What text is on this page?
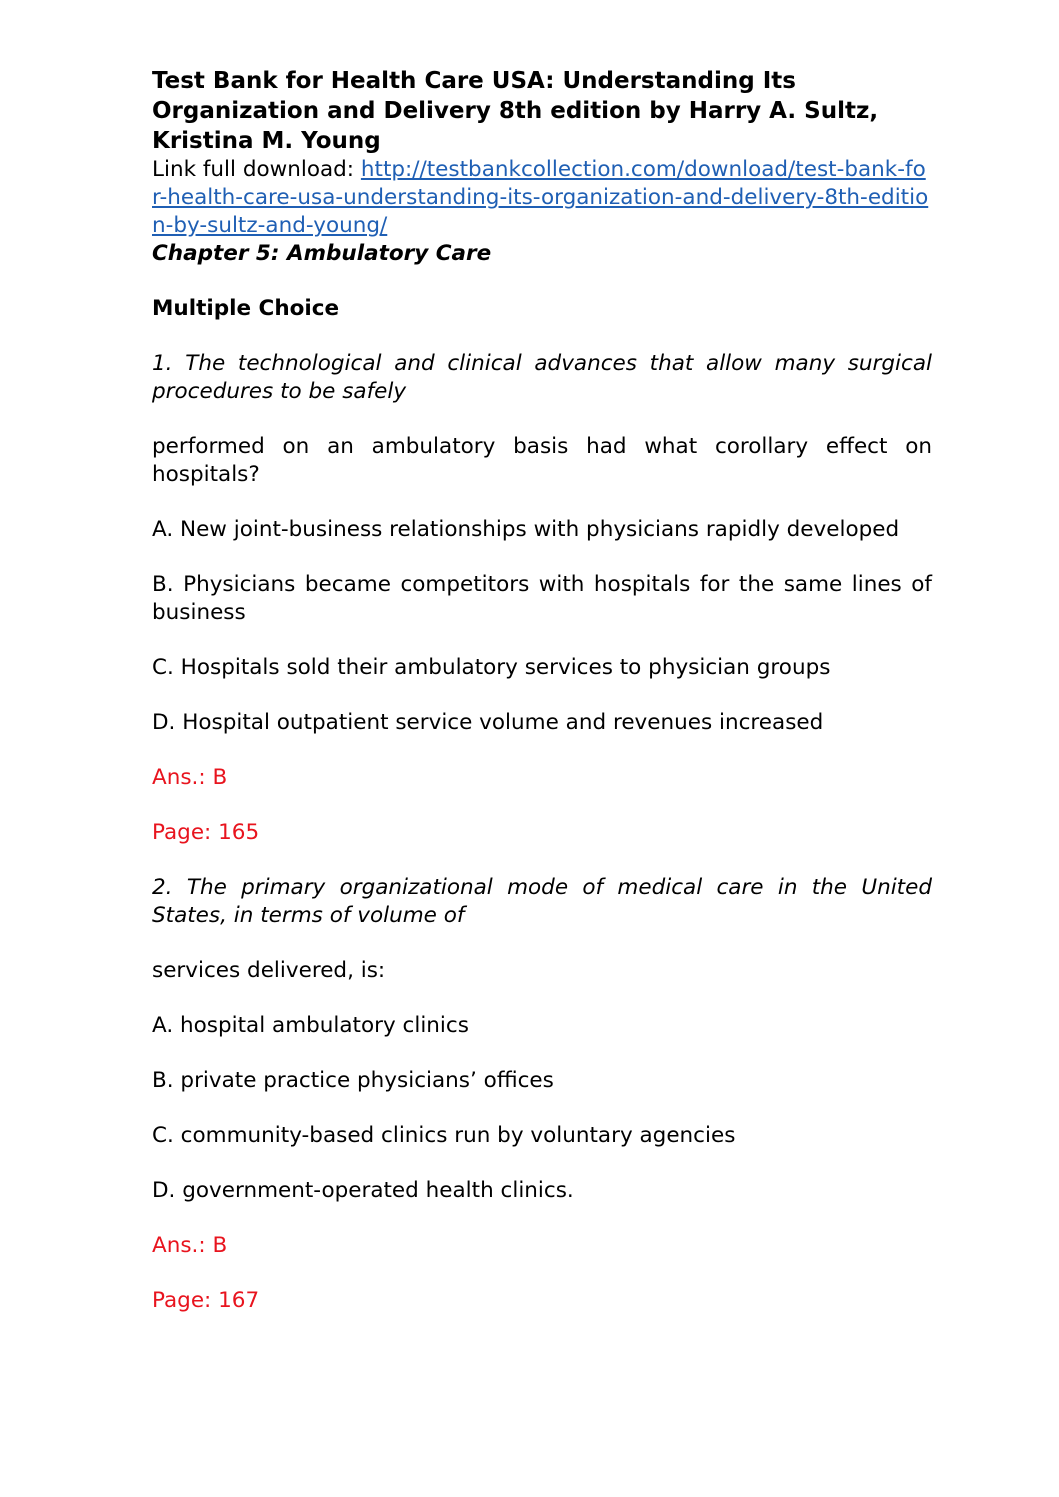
Test Bank for Health Care USA: Understanding Its Organization and Delivery 8th edition by Harry A. Sultz, Kristina M. Young

Link full download: http://testbankcollection.com/download/test-bank-for-health-care-usa-understanding-its-organization-and-delivery-8th-edition-by-sultz-and-young/

Chapter 5: Ambulatory Care

Multiple Choice

1. The technological and clinical advances that allow many surgical procedures to be safely

performed on an ambulatory basis had what corollary effect on hospitals?

A. New joint-business relationships with physicians rapidly developed

B. Physicians became competitors with hospitals for the same lines of business

C. Hospitals sold their ambulatory services to physician groups

D. Hospital outpatient service volume and revenues increased

Ans.: B

Page: 165

2. The primary organizational mode of medical care in the United States, in terms of volume of

services delivered, is:

A. hospital ambulatory clinics

B. private practice physicians’ offices

C. community-based clinics run by voluntary agencies

D. government-operated health clinics.

Ans.: B

Page: 167
